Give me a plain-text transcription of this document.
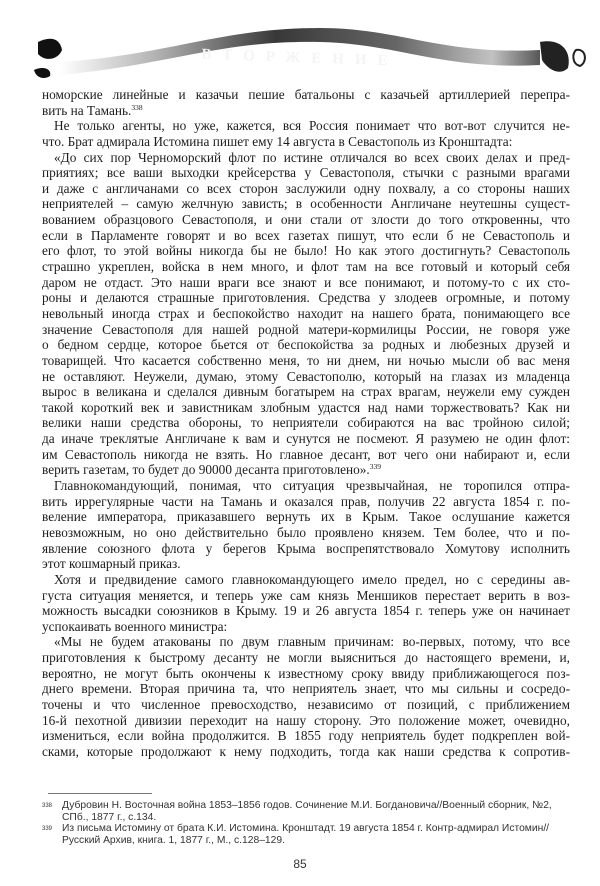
ВТОРЖЕНИЕ
номорские линейные и казачьи пешие батальоны с казачьей артиллерией перепра-
вить на Тамань.$^{338}$
Не только агенты, но уже, кажется, вся Россия понимает что вот-вот случится не-
что. Брат адмирала Истомина пишет ему 14 августа в Севастополь из Кронштадта:
«До сих пор Черноморский флот по истине отличался во всех своих делах и пред-
приятиях; все ваши выходки крейсерства у Севастополя, стычки с разными врагами
и даже с англичанами со всех сторон заслужили одну похвалу, а со стороны наших
неприятелей – самую желчную зависть; в особенности Англичане неутешны сущест-
вованием образцового Севастополя, и они стали от злости до того откровенны, что
если в Парламенте говорят и во всех газетах пишут, что если б не Севастополь и
его флот, то этой войны никогда бы не было! Но как этого достигнуть? Севастополь
страшно укреплен, войска в нем много, и флот там на все готовый и который себя
даром не отдаст. Это наши враги все знают и все понимают, и потому-то с их сто-
роны и делаются страшные приготовления. Средства у злодеев огромные, и потому
невольный иногда страх и беспокойство находит на нашего брата, понимающего все
значение Севастополя для нашей родной матери-кормилицы России, не говоря уже
о бедном сердце, которое бьется от беспокойства за родных и любезных друзей и
товарищей. Что касается собственно меня, то ни днем, ни ночью мысли об вас меня
не оставляют. Неужели, думаю, этому Севастополю, который на глазах из младенца
вырос в великана и сделался дивным богатырем на страх врагам, неужели ему сужден
такой короткий век и завистникам злобным удастся над нами торжествовать? Как ни
велики наши средства обороны, то неприятели собираются на вас тройною силой;
да иначе треклятые Англичане к вам и сунутся не посмеют. Я разумею не один флот:
им Севастополь никогда не взять. Но главное десант, вот чего они набирают и, если
верить газетам, то будет до 90000 десанта приготовлено».$^{339}$
Главнокомандующий, понимая, что ситуация чрезвычайная, не торопился отпра-
вить иррегулярные части на Тамань и оказался прав, получив 22 августа 1854 г. по-
веление императора, приказавшего вернуть их в Крым. Такое ослушание кажется
невозможным, но оно действительно было проявлено князем. Тем более, что и по-
явление союзного флота у берегов Крыма воспрепятствовало Хомутову исполнить
этот кошмарный приказ.
Хотя и предвидение самого главнокомандующего имело предел, но с середины ав-
густа ситуация меняется, и теперь уже сам князь Меншиков перестает верить в воз-
можность высадки союзников в Крыму. 19 и 26 августа 1854 г. теперь уже он начинает
успокаивать военного министра:
«Мы не будем атакованы по двум главным причинам: во-первых, потому, что все
приготовления к быстрому десанту не могли выясниться до настоящего времени, и,
вероятно, не могут быть окончены к известному сроку ввиду приближающегося поз-
днего времени. Вторая причина та, что неприятель знает, что мы сильны и сосредо-
точены и что численное превосходство, независимо от позиций, с приближением
16-й пехотной дивизии переходит на нашу сторону. Это положение может, очевидно,
измениться, если война продолжится. В 1855 году неприятель будет подкреплен вой-
сками, которые продолжают к нему подходить, тогда как наши средства к сопротив-
338 Дубровин Н. Восточная война 1853–1856 годов. Сочинение М.И. Богдановича//Военный сборник, №2, СПб., 1877 г., с.134.
339 Из письма Истомину от брата К.И. Истомина. Кронштадт. 19 августа 1854 г. Контр-адмирал Истомин// Русский Архив, книга. 1, 1877 г., М., с.128–129.
85
